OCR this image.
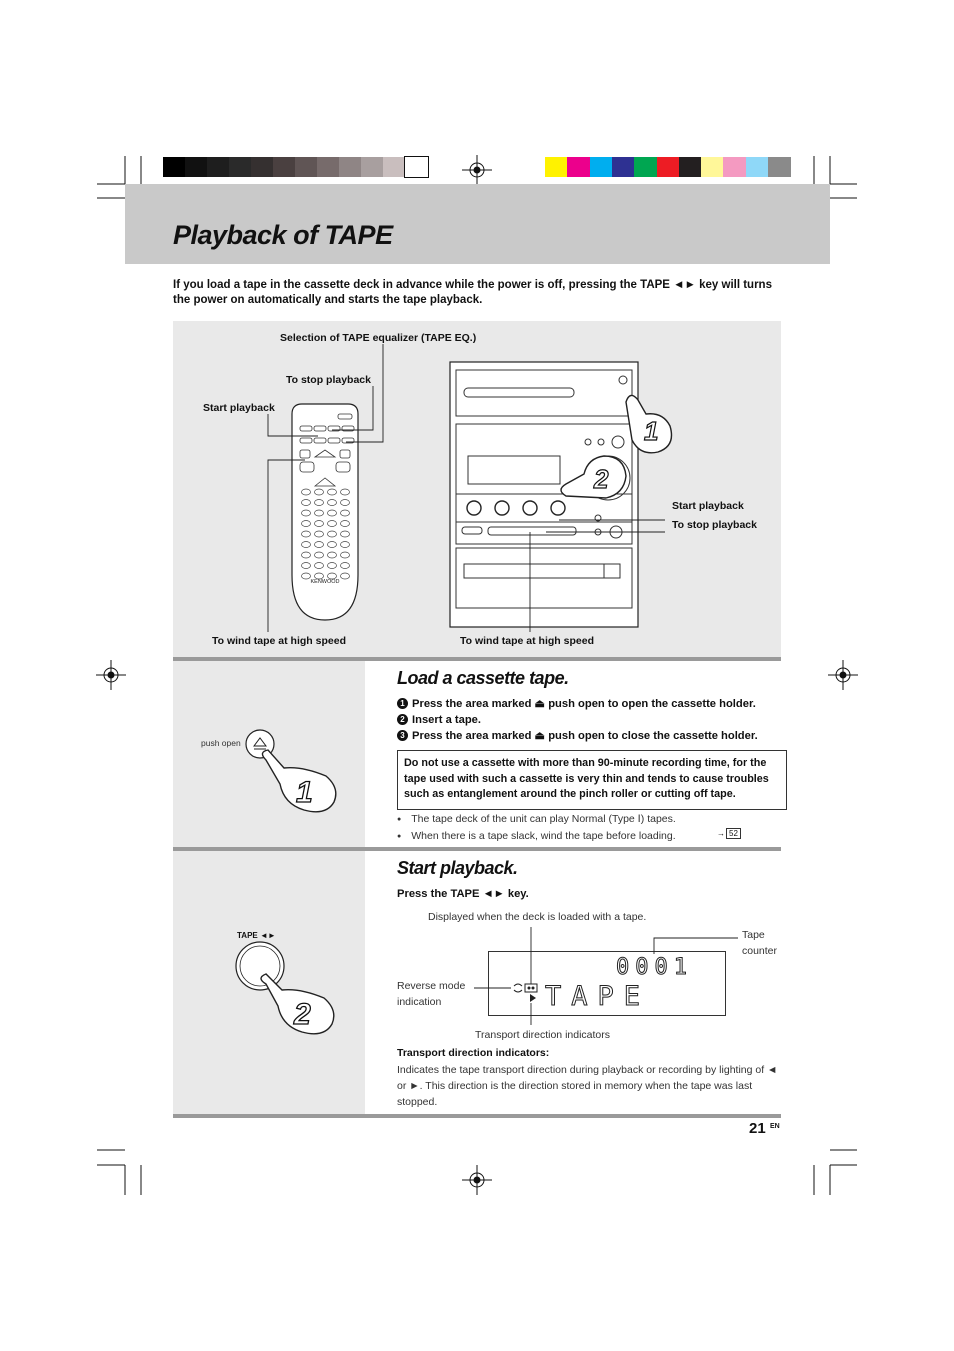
Playback of TAPE
If you load a tape in the cassette deck in advance while the power is off, pressing the TAPE ◄► key will turns the power on automatically and starts the tape playback.
KENWOOD
1
2
Selection of TAPE equalizer (TAPE EQ.)
To stop playback
Start playback
To wind tape at high speed
Start playback
To stop playback
To wind tape at high speed
push open
1
Load a cassette tape.
1 Press the area marked ⏏ push open to open the cassette holder.
2 Insert a tape.
3 Press the area marked ⏏ push open to close the cassette holder.
Do not use a cassette with more than 90-minute recording time, for the tape used with such a cassette is very thin and tends to cause troubles such as entanglement around the pinch roller or cutting off tape.
● The tape deck of the unit can play Normal (Type Ⅰ) tapes.
● When there is a tape slack, wind the tape before loading.	→ 52
TAPE ◄►
2
Start playback.
Press the TAPE ◄► key.
Displayed when the deck is loaded with a tape.
Tape
counter
Reverse mode
indication
0001
TAPE
Transport direction indicators
Transport direction indicators:
Indicates the tape transport direction during playback or recording by lighting of ◄ or ►. This direction is the direction stored in memory when the tape was last stopped.
21 EN
